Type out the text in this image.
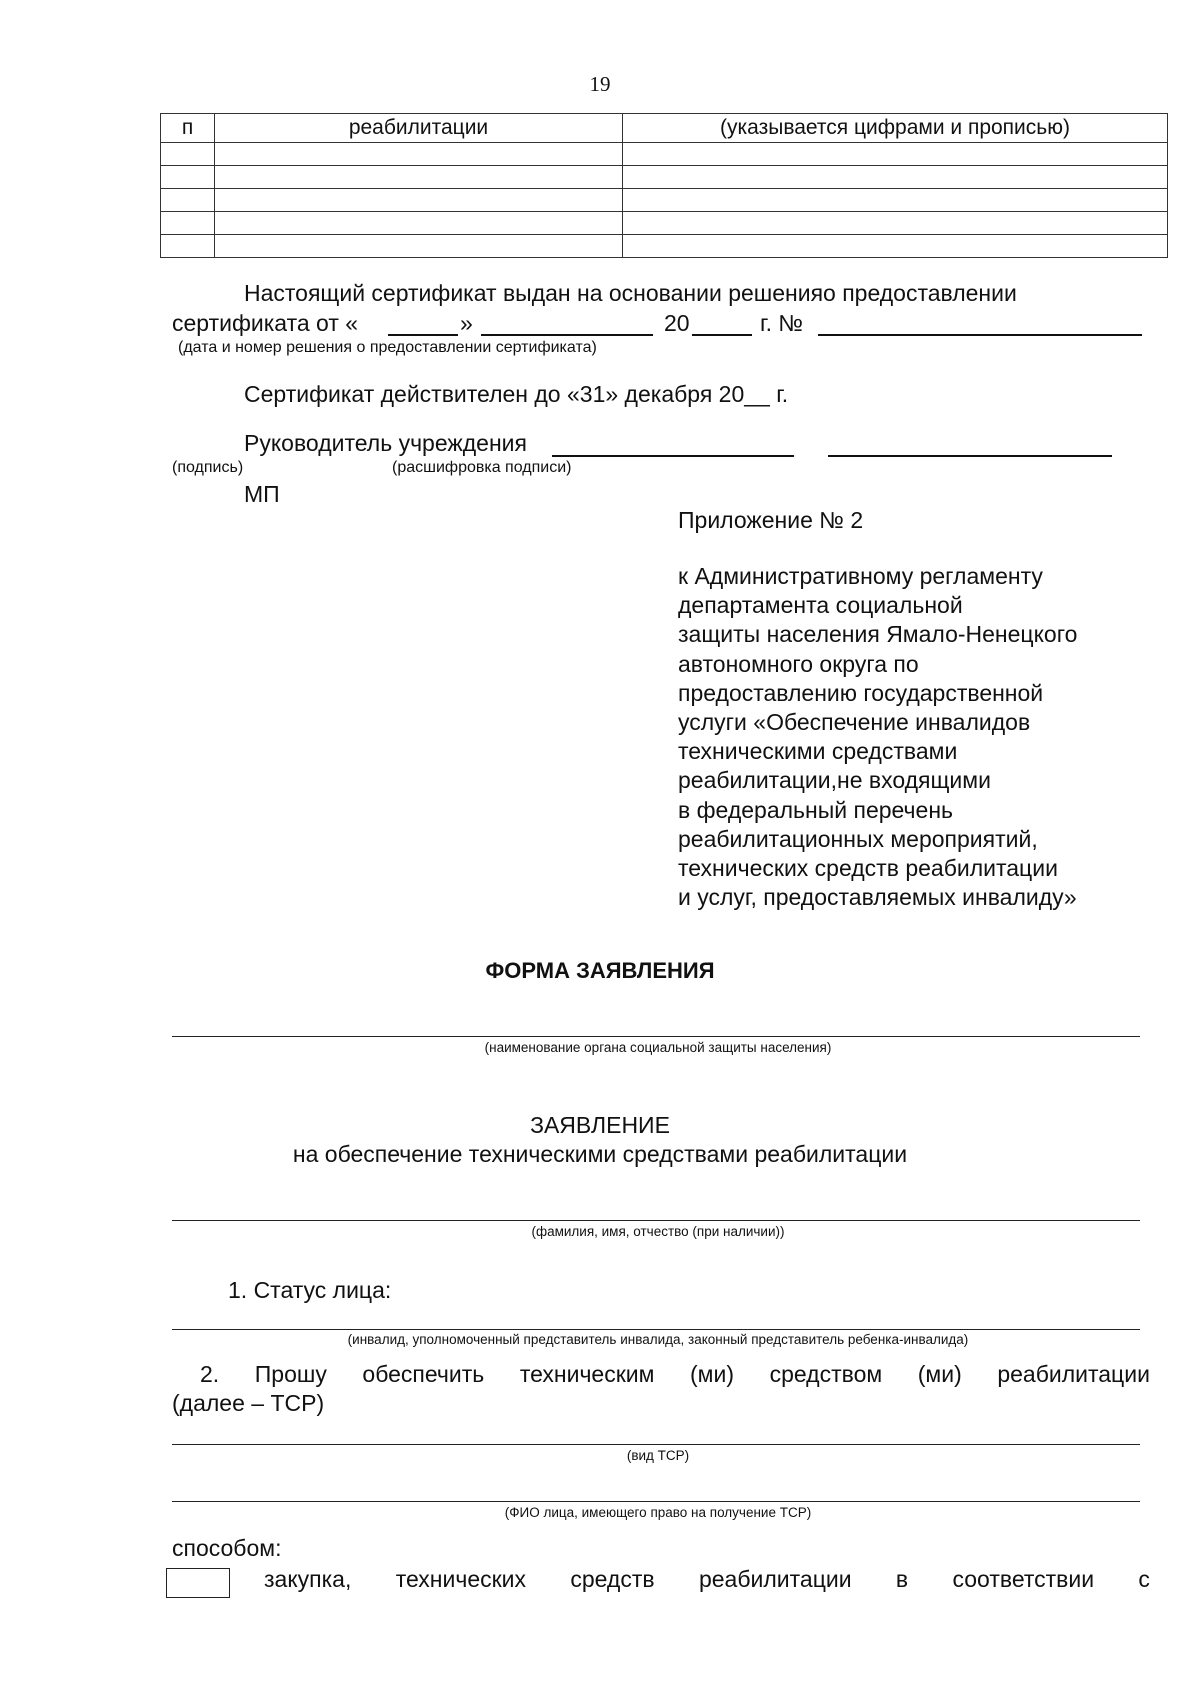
19
п	реабилитации	(указывается цифрами и прописью)

Настоящий сертификат выдан на основании решенияо предоставлении
сертификата от «	»	20	г. №
(дата и номер решения о предоставлении сертификата)
Сертификат действителен до «31» декабря 20__ г.
Руководитель учреждения
(подпись)	(расшифровка подписи)
МП
Приложение № 2
к Административному регламенту
департамента социальной
защиты населения Ямало-Ненецкого
автономного округа по
предоставлению государственной
услуги «Обеспечение инвалидов
техническими средствами
реабилитации,не входящими
в федеральный перечень
реабилитационных мероприятий,
технических средств реабилитации
и услуг, предоставляемых инвалиду»
ФОРМА ЗАЯВЛЕНИЯ
(наименование органа социальной защиты населения)
ЗАЯВЛЕНИЕ
на обеспечение техническими средствами реабилитации
(фамилия, имя, отчество (при наличии))
1. Статус лица:
(инвалид, уполномоченный представитель инвалида, законный представитель ребенка-инвалида)
2. Прошу обеспечить техническим (ми) средством (ми) реабилитации
(далее – ТСР)
(вид ТСР)
(ФИО лица, имеющего право на получение ТСР)
способом:
закупка, технических средств реабилитации в соответствии с
